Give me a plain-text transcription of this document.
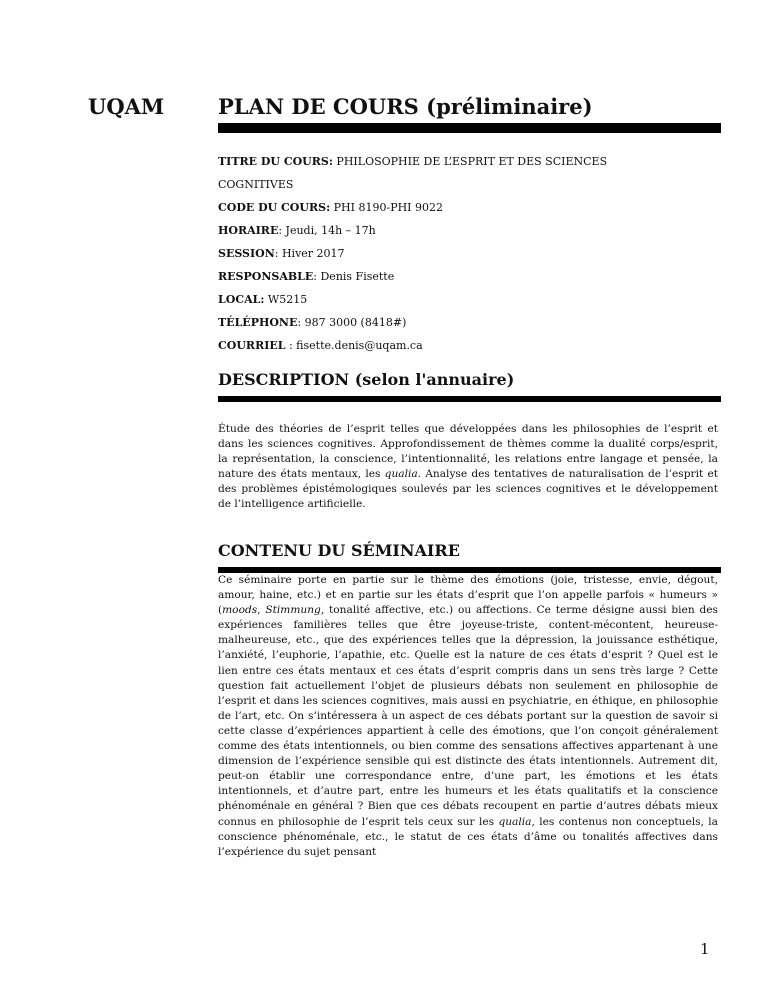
UQAM	PLAN DE COURS (préliminaire)
TITRE DU COURS: PHILOSOPHIE DE L’ESPRIT ET DES SCIENCES
COGNITIVES
CODE DU COURS: PHI 8190-PHI 9022
HORAIRE: Jeudi, 14h – 17h
SESSION: Hiver 2017
RESPONSABLE: Denis Fisette
LOCAL: W5215
TÉLÉPHONE: 987 3000 (8418#)
COURRIEL : fisette.denis@uqam.ca
DESCRIPTION (selon l'annuaire)

Étude des théories de l’esprit telles que développées dans les philosophies de l’esprit et dans les sciences cognitives. Approfondissement de thèmes comme la dualité corps/esprit, la représentation, la conscience, l’intentionnalité, les relations entre langage et pensée, la nature des états mentaux, les qualia. Analyse des tentatives de naturalisation de l’esprit et des problèmes épistémologiques soulevés par les sciences cognitives et le développement de l’intelligence artificielle.

CONTENU DU SÉMINAIRE

Ce séminaire porte en partie sur le thème des émotions (joie, tristesse, envie, dégout, amour, haine, etc.) et en partie sur les états d’esprit que l’on appelle parfois « humeurs » (moods, Stimmung, tonalité affective, etc.) ou affections. Ce terme désigne aussi bien des expériences familières telles que être joyeuse-triste, content-mécontent, heureuse-malheureuse, etc., que des expériences telles que la dépression, la jouissance esthétique, l’anxiété, l’euphorie, l’apathie, etc. Quelle est la nature de ces états d’esprit ? Quel est le lien entre ces états mentaux et ces états d’esprit compris dans un sens très large ? Cette question fait actuellement l’objet de plusieurs débats non seulement en philosophie de l’esprit et dans les sciences cognitives, mais aussi en psychiatrie, en éthique, en philosophie de l’art, etc. On s’intéressera à un aspect de ces débats portant sur la question de savoir si cette classe d’expériences appartient à celle des émotions, que l’on conçoit généralement comme des états intentionnels, ou bien comme des sensations affectives appartenant à une dimension de l’expérience sensible qui est distincte des états intentionnels. Autrement dit, peut-on établir une correspondance entre, d’une part, les émotions et les états intentionnels, et d’autre part, entre les humeurs et les états qualitatifs et la conscience phénoménale en général ? Bien que ces débats recoupent en partie d’autres débats mieux connus en philosophie de l’esprit tels ceux sur les qualia, les contenus non conceptuels, la conscience phénoménale, etc., le statut de ces états d’âme ou tonalités affectives dans l’expérience du sujet pensant

1
